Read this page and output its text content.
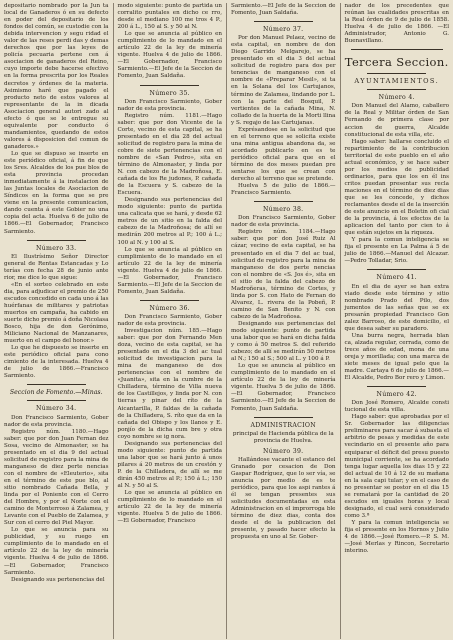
depositario nombrado por la Jun ta local de Ganaderos ó en su defecto en poder del depositario de los fondos del común, se custodie con la debida intervencion y segu ridad el valor de las reses perdi das y demas derechos que por las leyes de policía pecuaria pertene cen á asociacion de ganaderos del Reino, cuyo importe debe hacerse efectivo en la forma prescrita por los Reales decretos y órdenes de la materia. Asimismo haré que pagado el producto neto de estos valores al representante de la in dicada Asociacion general autori zado al efecto ó que se le entregue su equivalente por conducto ó mandamientos, quedando de estos valores á disposicion del comun de ganaderos.»

Lo que se dispuso se inserte en este periódico oficial, á fin de que los Sres. Alcaldes de los pue blos de esta provincia procedan inmediatamente á la instalacion de las Juntas locales de Asociacion de Síndicos en la forma que se pre viene en la presente comunicacion, dando cuenta á este Gobier no una copia del acta. Huelva 6 de julio de 1866.—El Gobernador, Francisco Sarmiento.

Número 33.

El Ilustrísimo Señor Director general de Rentas Estancadas y Lo terías con fecha 28 de junio ante rior, me dice lo que sigue:

«En el sorteo celebrado en este dia, para adjudicar el premio de 250 escudos concedido en cada uno á las huérfanas de militares y patriotas muertos en campaña, ha cabido en suerte dicho premio á doña Nicolasa Bosco, hija de don Gerónimo, Miliciano Nacional de Manzanares, muerto en el campo del honor.»

Lo que he dispuesto se inserte en este periódico oficial para cono cimiento de la interesada. Huelva 4 de julio de 1866.—Francisco Sarmiento.

Seccion de Fomento.—Minas.
Número 34.

Don Francisco Sarmiento, Gober nador de esta provincia.

Registro núm. 1180.—Hago saber: que por don Juan Fernan dez Sosa, vecino de Almonaster, se ha presentado en el dia 9 del actual solicitud de registro para la mina de manganeso de diez perte nencias con el nombre de «Eleuterio», sita en el término de este pue blo, al sitio nombrado Cañada Bella, y linda por el Poniente con el Cerro del Hombre, y por el Norte con el camino de Monterroso á Zalamea, y Levante con el Pueblo de Zalamea, y Sur con el cerro del Piel Mayor.

Lo que se anuncia para su publicidad, y su ruego en cumplimiento de lo mandado en el artículo 22 de la ley de minería vigente. Huelva 4 de julio de 1866.—El Gobernador, Francisco Sarmiento.

Designando sus pertenencias del

modo siguiente: punto de partida un corralito puntales en dicho ce rro, desde el mediano 100 me tros 4 P., 200 á L., 150 al S. y 50 al N.

Lo que se anuncia al público en cumplimiento de lo mandado en el artículo 22 de la ley de minería vigente. Huelva 4 de julio de 1866.—El Gobernador, Francisco Sarmiento.—El Jefe de la Seccion de Fomento, Juan Saldaña.

Número 35.

Don Francisco Sarmiento, Gober nador de esta provincia.

Registro núm. 1181.—Hago saber: que por don Vicente de la Corte, vecino de esta capital, se ha presentado en el dia 28 del actual solicitud de registro para la mina de cobre de siete pertenencias con el nombre de «San Pedro», sita en término de Almonaster, y linda por N. con cabezo de la Madroñosa, E. cañada de los Re judones, P. cañada de la Escuera y S. cabezo de la Escuera.

Designando sus pertenencias del modo siguiente: punto de partida una calicata que se hará, y desde 62 metros de un sitio en la falda del cabezo de la Madroñosa; de allí se medirán 200 metros al P.; 100 á L.; 100 al N. y 100 al S.

Lo que se anuncia al público en cumplimiento de lo mandado en el artículo 22 de la ley de minería vigente. Huelva 4 de julio de 1866.—El Gobernador, Francisco Sarmiento.—El Jefe de la Seccion de Fomento, Juan Saldaña.

Número 36.

Don Francisco Sarmiento, Gober nador de esta provincia.

Investigacion núm. 185.—Hago saber: que por don Fernando Men doza, vecino de esta capital, se ha presentado en el dia 3 del ac tual solicitud de investigacion para la mina de manganeso de dos pertenencias con el nombre de «Juanita», sita en la cumbre de la Chilladera, término de Villa nueva de los Castillejos, y linda por N. con tierras y pinar del ríto de la Aicantarilla, P. faldas de la cañada de la Chilladera, S. ríto que da en la cañada del Obispo y los llanos y E. ponjío de la dicha cum bre y otra coyo nombre se ig nora.

Designando sus pertenencias del modo siguiente: punto de partida una labor que se hará junto á unos pilares á 20 metros de un crestón y P. de la Chilladera, de allí se me dirán 450 metros al P.; 150 á L.; 150 al N. y 50 al S.

Lo que se anuncia al público en cumplimiento de lo mandado en el artículo 22 de la ley de minería vigente. Huelva 5 de julio de 1866.—El Gobernador, Francisco

Sarmiento.—El Jefe de la Seccion de Fomento, Juan Saldaña.

Número 37.

Por don Manuel Pelaez, vecino de esta capital, en nombre de don Diego Garrido Melgarejo, se ha presentado en el dia 3 del actual solicitud de registro para dos per tenencias de manganeso con el nombre de «Preparar Mesil», si ta en la Solana del los Cartujanos, término de Zalamea, lindando por L. con la parte del Bosquil, P. vertientes de la cañada Mina, N. collado de la huerta de la Morti llina y S. regajo de las Cartujanas.

Exprésandose en la solicitud que en el terreno que se solicita existe una mina antigua abandona da, se acordado publicarlo en es te periódico oficial para que en el término de dos meses puedan pre sentarse los que se crean con derecho al terreno que se pretende.

Huelva 5 de julio de 1866.— Francisco Sarmiento.

Número 38.

Don Francisco Sarmiento, Gober nador de esta provincia.

Registro núm. 1184.—Hago saber: que por don José Ruiz Al cázar, vecino de esta capital, se ha presentado en el dia 7 del ac tual, solicitud de registro para la mina de manganeso de dos perte nencias con el nombre de «S. Jos é», sita en el sitio de la falda del cabezo de Madroñeras, término de Cortes, y linda por S. con Hato de Fernan do Alvarez, L. rivera de la Pobeñ, P. camino de San Benito y N. con cabezo de la Madroñosa.

Designando sus pertenencias del modo siguiente: punto de partida una labor que se hará en dicha falda y como á 50 metros S. del referido cabezo; de allí se medirán 50 metros al N.; 150 al S.; 500 al L. y 100 á P.

Lo que se anuncia al público en cumplimiento de lo mandado en el artículo 22 de la ley de minería vigente. Huelva 5 de julio de 1866.—El Gobernador, Francisco Sarmiento.—El Jefe de la Seccion de Fomento, Juan Saldaña.

ADMINISTRACION

principal de Hacienda pública de la provincia de Huelva.

Número 39.

Hallándose vacante el estanco del Granado por cesacion de Don Gaspar Rodríguez, que lo ser vía, se anuncia por medio de es te periódico, para que los aspi rantes á él se tengan presentes sus solicitudes documentadas en esta Administracion en el improrroga ble término de diez dias, conta dos desde el de la publicacion del presente, y pasado hacer efecto la propuesta en uno al Sr. Gober-

nador de los precedentes que reúnan las cualidades prescritas en la Real órden de 9 de julio de 1858. Huelva 4 de julio de 1866. —El Administrador, Antonio G. Buenavillano.

Tercera Seccion.
AYUNTAMIENTOS.
Número 4.

Don Manuel del Alamo, caballero de la Real y Militar órden de San Fernando de primera clase por accion de guerra, Alcalde constitucional de esta villa, etc.

Hago saber: hallarse concluido el repartimiento de la contribucion territorial de este pueblo en el año actual económico, y se hace saber por los medios de publicidad ordinarios, para que los en él ins critos puedan presentar sus recla maciones en el término de diez dias que se les concede, y dichos reclamantes desde el de la inserción de este anuncio en el Boletin ofi cial de la provincia, á los efectos de la aplicacion del tanto por cien to á que están sujetos en la riqueza.

Y para la comun inteligencia se fija el presente en La Palma á 5 de julio de 1866.—Manuel del Alcazar.—Pedro Tolladar, Srio.

Número 41.

En el dia de ayer se han extra viado desde este término y sitio nombrado Prado del Pilo, dos jumentos de las señas que se ex presarán propiedad Francisco Gon zalez Barroso, de este domicilio, el que desea saber su paradero.

Una burra negra, herrada blan ca, alzada regular, cerrada, como de trece años de edad, mona de una oreja y morillada; con una marca de siete meses de igual pelo que la madre. Cartaya 6 de julio de 1866.—El Alcalde, Pedro Bor rero y Limon.

Número 42.

Don José Romero, Alcalde consti tucional de esta villa.

Hago saber: que aprobadas por el Sr. Gobernador las diligencias preliminares para sacar á subasta el arbitrio de pesas y medidas de este vecindario en el presente año para equiparar el déficit del presu puesto municipal corriente, se ha acordado tenga lugar aquella los dias 15 y 22 del actual de 10 á 12 de su mañana en la sala capi tular; y en el caso de no presentar se postor en el dia 15 se rematará por la cantidad de 20 escudos en iguales horas y local designado, el cual será considerado como 3.ª

Y para la comun inteligencia se fija el presente en los Hornos y Julio 4 de 1866.—José Romero.—P. S. M.—José Merlas y Rincon, Secretario interino.
